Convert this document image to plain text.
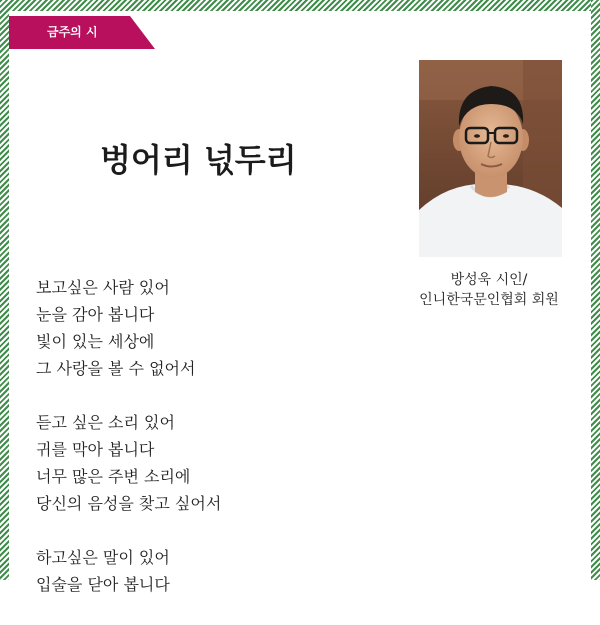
금주의 시
벙어리 넋두리
방성욱 시인/
인니한국문인협회 회원
보고싶은 사람 있어
눈을 감아 봅니다
빛이 있는 세상에
그 사랑을 볼 수 없어서
듣고 싶은 소리 있어
귀를 막아 봅니다
너무 많은 주변 소리에
당신의 음성을 찾고 싶어서
하고싶은 말이 있어
입술을 닫아 봅니다
